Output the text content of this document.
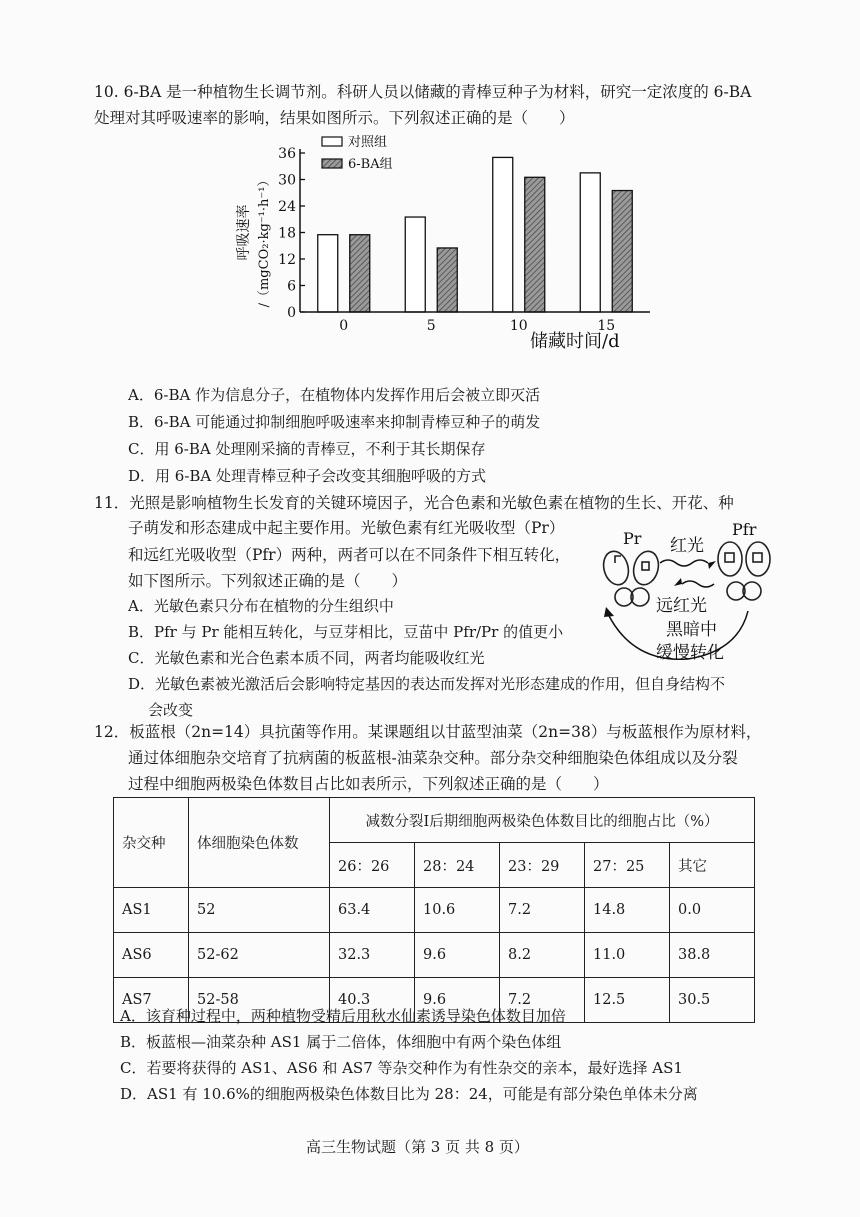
10. 6-BA 是一种植物生长调节剂。科研人员以储藏的青棒豆种子为材料，研究一定浓度的 6-BA
处理对其呼吸速率的影响，结果如图所示。下列叙述正确的是（　　）
0	5	10	15
0
6
12
18
24
30
36
呼吸速率 /（mgCO₂·kg⁻¹·h⁻¹）
储藏时间/d
对照组
6-BA组
A．6-BA 作为信息分子，在植物体内发挥作用后会被立即灭活
B．6-BA 可能通过抑制细胞呼吸速率来抑制青棒豆种子的萌发
C．用 6-BA 处理刚采摘的青棒豆，不利于其长期保存
D．用 6-BA 处理青棒豆种子会改变其细胞呼吸的方式
11．光照是影响植物生长发育的关键环境因子，光合色素和光敏色素在植物的生长、开花、种
子萌发和形态建成中起主要作用。光敏色素有红光吸收型（Pr）
和远红光吸收型（Pfr）两种，两者可以在不同条件下相互转化，
如下图所示。下列叙述正确的是（　　）
A．光敏色素只分布在植物的分生组织中
B．Pfr 与 Pr 能相互转化，与豆芽相比，豆苗中 Pfr/Pr 的值更小
C．光敏色素和光合色素本质不同，两者均能吸收红光
D．光敏色素被光激活后会影响特定基因的表达而发挥对光形态建成的作用，但自身结构不
会改变
Pr	Pfr
红光
远红光
黑暗中
缓慢转化
12．板蓝根（2n=14）具抗菌等作用。某课题组以甘蓝型油菜（2n=38）与板蓝根作为原材料，
通过体细胞杂交培育了抗病菌的板蓝根-油菜杂交种。部分杂交种细胞染色体组成以及分裂
过程中细胞两极染色体数目占比如表所示，下列叙述正确的是（　　）
杂交种	体细胞染色体数	减数分裂Ⅰ后期细胞两极染色体数目比的细胞占比（%）				
		26：26	28：24	23：29	27：25	其它
AS1	52	63.4	10.6	7.2	14.8	0.0
AS6	52-62	32.3	9.6	8.2	11.0	38.8
AS7	52-58	40.3	9.6	7.2	12.5	30.5
A．该育种过程中，两种植物受精后用秋水仙素诱导染色体数目加倍
B．板蓝根—油菜杂种 AS1 属于二倍体，体细胞中有两个染色体组
C．若要将获得的 AS1、AS6 和 AS7 等杂交种作为有性杂交的亲本，最好选择 AS1
D．AS1 有 10.6%的细胞两极染色体数目比为 28：24，可能是有部分染色单体未分离
高三生物试题（第 3 页 共 8 页）
